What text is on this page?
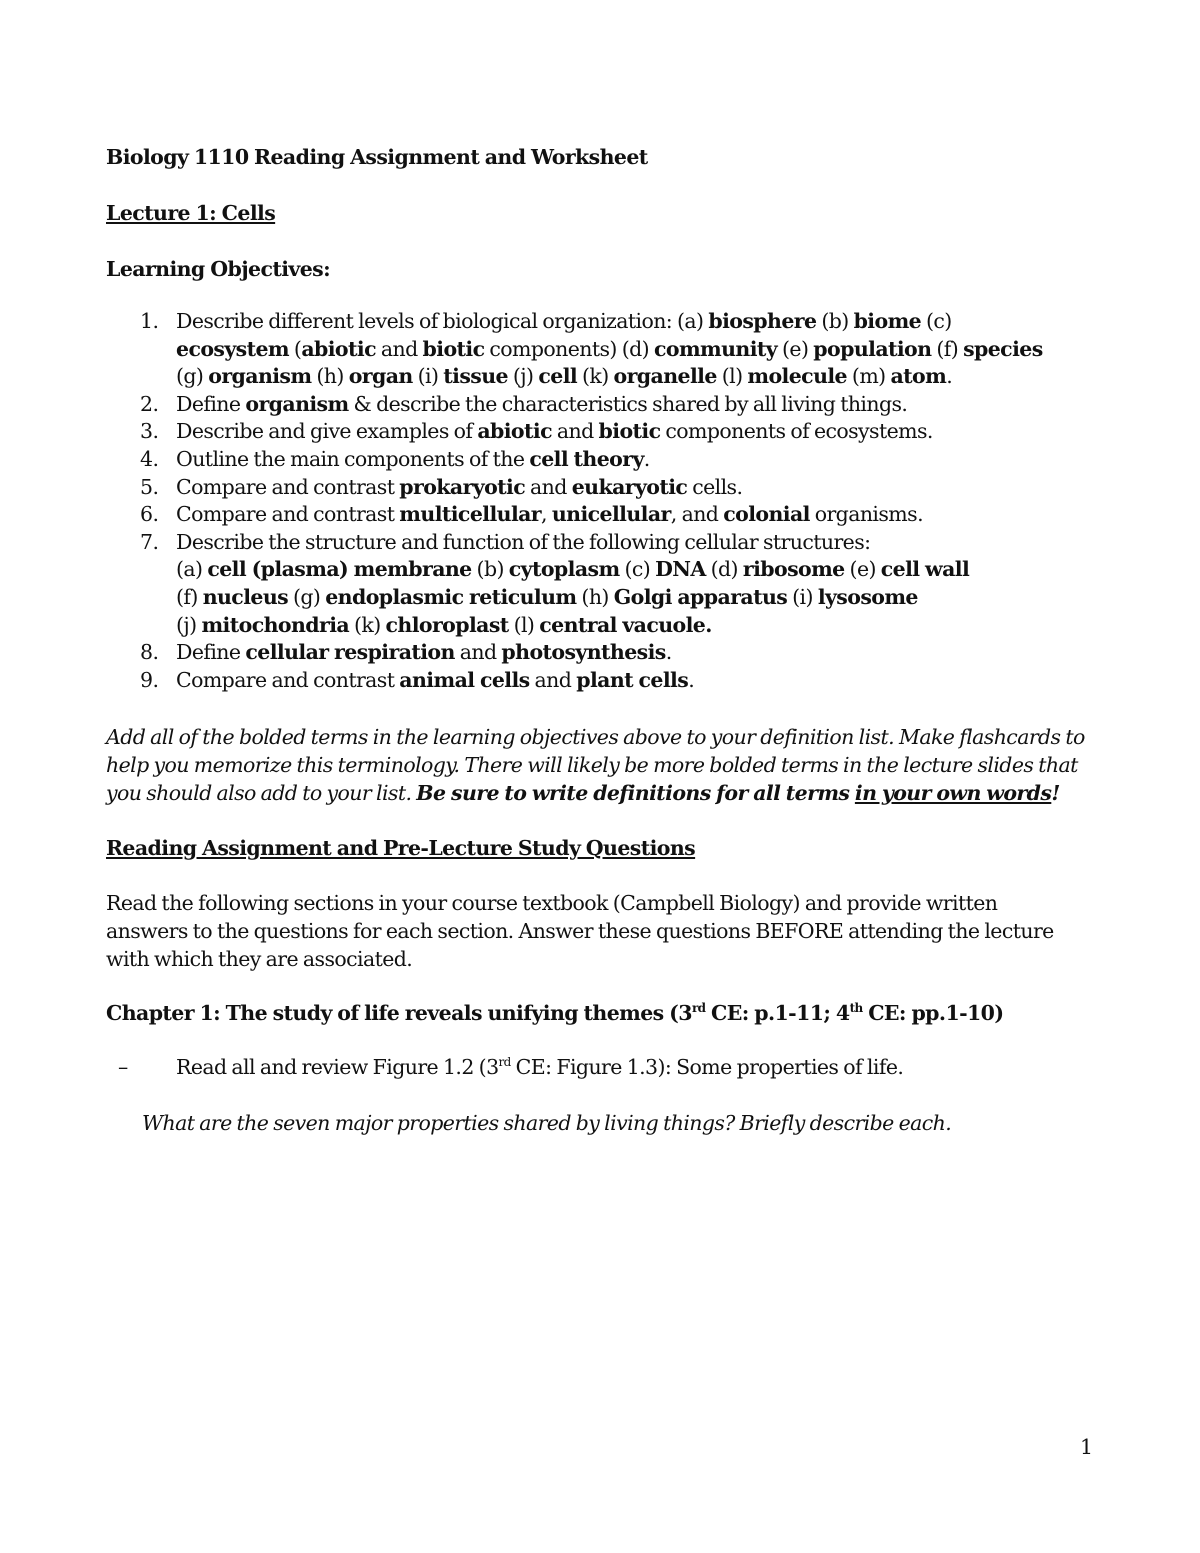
Biology 1110 Reading Assignment and Worksheet

Lecture 1: Cells

Learning Objectives:

1. Describe different levels of biological organization: (a) biosphere (b) biome (c)
ecosystem (abiotic and biotic components) (d) community (e) population (f) species
(g) organism (h) organ (i) tissue (j) cell (k) organelle (l) molecule (m) atom.
2. Define organism & describe the characteristics shared by all living things.
3. Describe and give examples of abiotic and biotic components of ecosystems.
4. Outline the main components of the cell theory.
5. Compare and contrast prokaryotic and eukaryotic cells.
6. Compare and contrast multicellular, unicellular, and colonial organisms.
7. Describe the structure and function of the following cellular structures:
(a) cell (plasma) membrane (b) cytoplasm (c) DNA (d) ribosome (e) cell wall
(f) nucleus (g) endoplasmic reticulum (h) Golgi apparatus (i) lysosome
(j) mitochondria (k) chloroplast (l) central vacuole.
8. Define cellular respiration and photosynthesis.
9. Compare and contrast animal cells and plant cells.
Add all of the bolded terms in the learning objectives above to your definition list. Make flashcards to
help you memorize this terminology. There will likely be more bolded terms in the lecture slides that
you should also add to your list. Be sure to write definitions for all terms in your own words!

Reading Assignment and Pre-Lecture Study Questions

Read the following sections in your course textbook (Campbell Biology) and provide written
answers to the questions for each section. Answer these questions BEFORE attending the lecture
with which they are associated.

Chapter 1: The study of life reveals unifying themes (3rd CE: p.1-11; 4th CE: pp.1-10)

– Read all and review Figure 1.2 (3rd CE: Figure 1.3): Some properties of life.

What are the seven major properties shared by living things? Briefly describe each.

1
